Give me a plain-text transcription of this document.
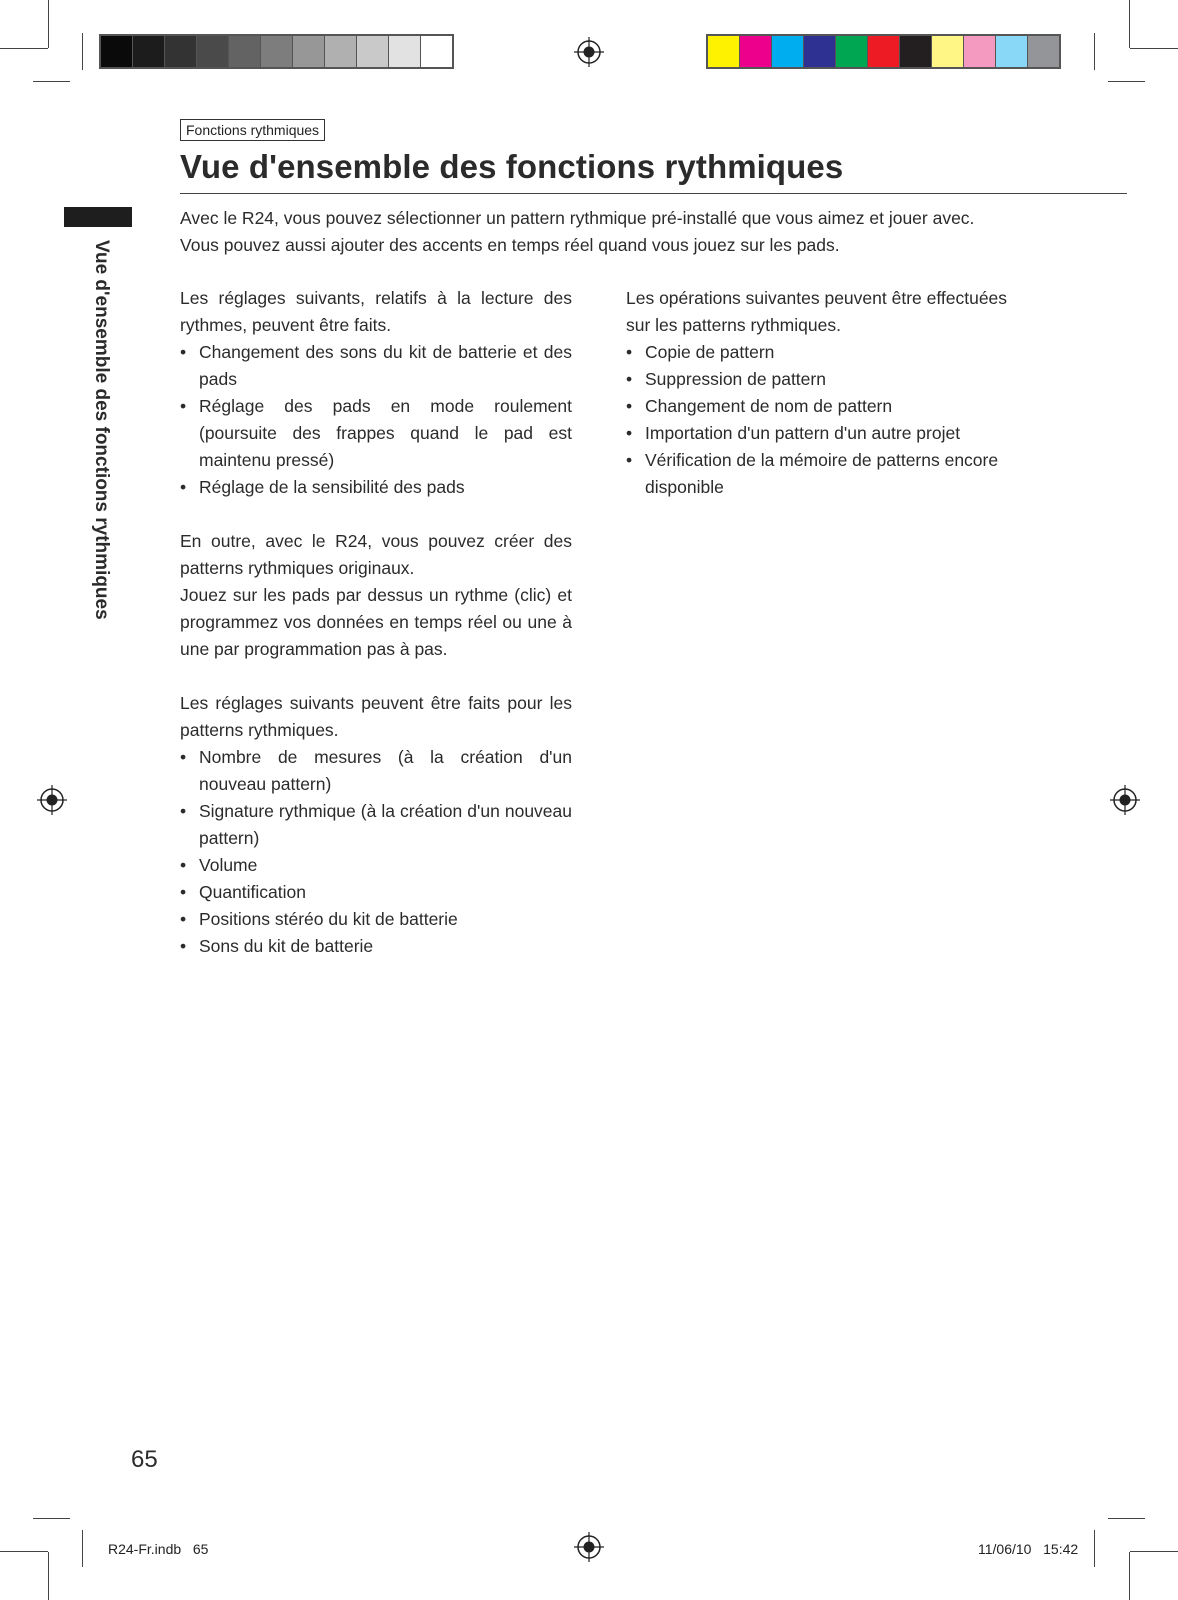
Fonctions rythmiques
Vue d'ensemble des fonctions rythmiques
Vue d'ensemble des fonctions rythmiques

Avec le R24, vous pouvez sélectionner un pattern rythmique pré-installé que vous aimez et jouer avec.

Vous pouvez aussi ajouter des accents en temps réel quand vous jouez sur les pads.

Les réglages suivants, relatifs à la lecture des rythmes, peuvent être faits.

• Changement des sons du kit de batterie et des pads
• Réglage des pads en mode roulement (poursuite des frappes quand le pad est maintenu pressé)
• Réglage de la sensibilité des pads

En outre, avec le R24, vous pouvez créer des patterns rythmiques originaux.

Jouez sur les pads par dessus un rythme (clic) et programmez vos données en temps réel ou une à une par programmation pas à pas.

Les réglages suivants peuvent être faits pour les patterns rythmiques.

• Nombre de mesures (à la création d'un nouveau pattern)
• Signature rythmique (à la création d'un nouveau pattern)
• Volume
• Quantification
• Positions stéréo du kit de batterie
• Sons du kit de batterie

Les opérations suivantes peuvent être effectuées sur les patterns rythmiques.

• Copie de pattern
• Suppression de pattern
• Changement de nom de pattern
• Importation d'un pattern d'un autre projet
• Vérification de la mémoire de patterns encore disponible
65
R24-Fr.indb   65	11/06/10   15:42
